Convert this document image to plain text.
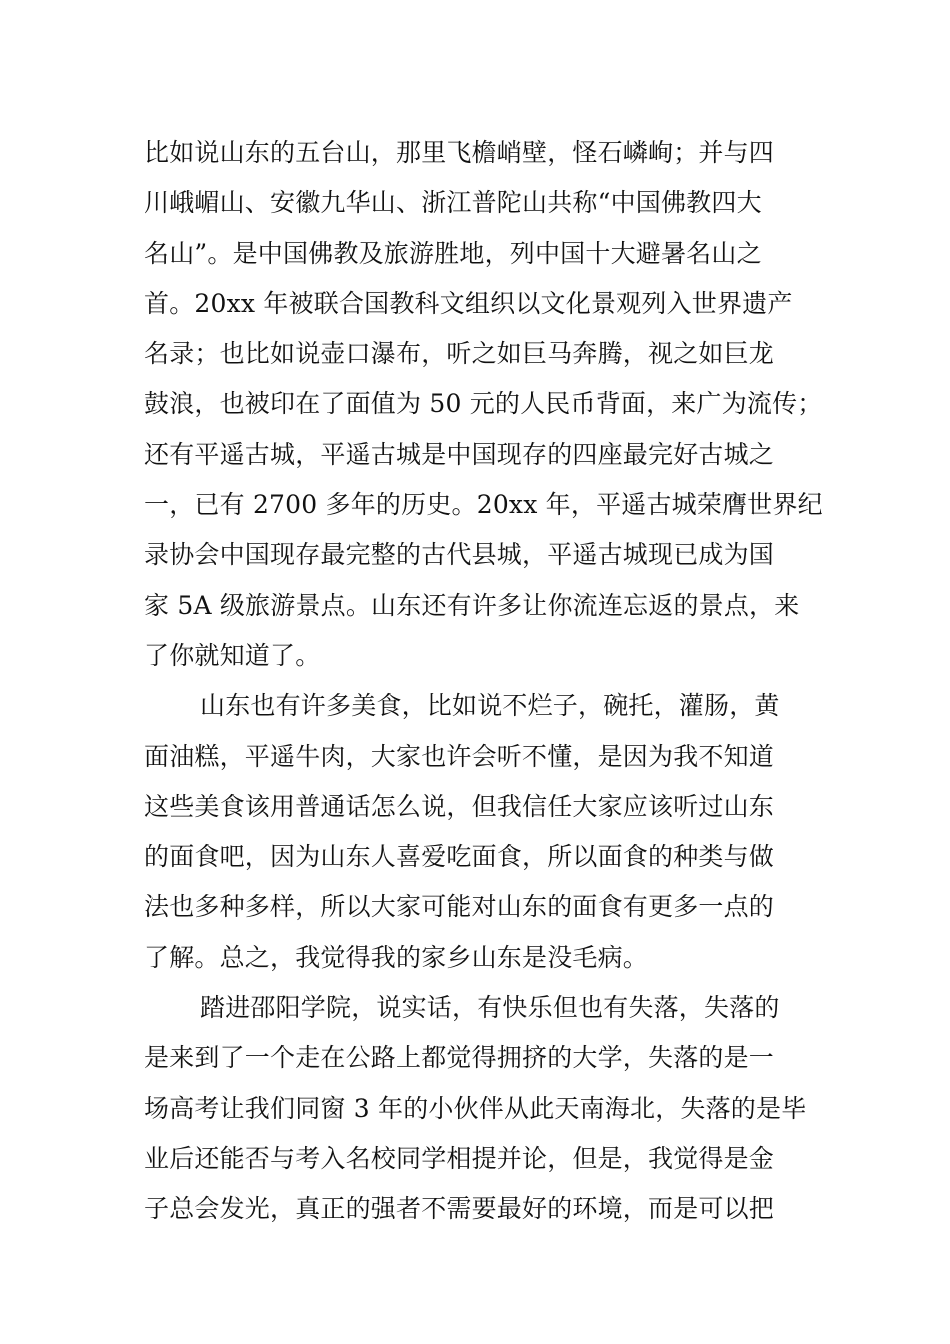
比如说山东的五台山，那里飞檐峭壁，怪石嶙峋；并与四
川峨嵋山、安徽九华山、浙江普陀山共称“中国佛教四大
名山”。是中国佛教及旅游胜地，列中国十大避暑名山之
首。20xx 年被联合国教科文组织以文化景观列入世界遗产
名录；也比如说壶口瀑布，听之如巨马奔腾，视之如巨龙
鼓浪，也被印在了面值为 50 元的人民币背面，来广为流传；
还有平遥古城，平遥古城是中国现存的四座最完好古城之
一，已有 2700 多年的历史。20xx 年，平遥古城荣膺世界纪
录协会中国现存最完整的古代县城，平遥古城现已成为国
家 5A 级旅游景点。山东还有许多让你流连忘返的景点，来
了你就知道了。
山东也有许多美食，比如说不烂子，碗托，灌肠，黄
面油糕，平遥牛肉，大家也许会听不懂，是因为我不知道
这些美食该用普通话怎么说，但我信任大家应该听过山东
的面食吧，因为山东人喜爱吃面食，所以面食的种类与做
法也多种多样，所以大家可能对山东的面食有更多一点的
了解。总之，我觉得我的家乡山东是没毛病。
踏进邵阳学院，说实话，有快乐但也有失落，失落的
是来到了一个走在公路上都觉得拥挤的大学，失落的是一
场高考让我们同窗 3 年的小伙伴从此天南海北，失落的是毕
业后还能否与考入名校同学相提并论，但是，我觉得是金
子总会发光，真正的强者不需要最好的环境，而是可以把
